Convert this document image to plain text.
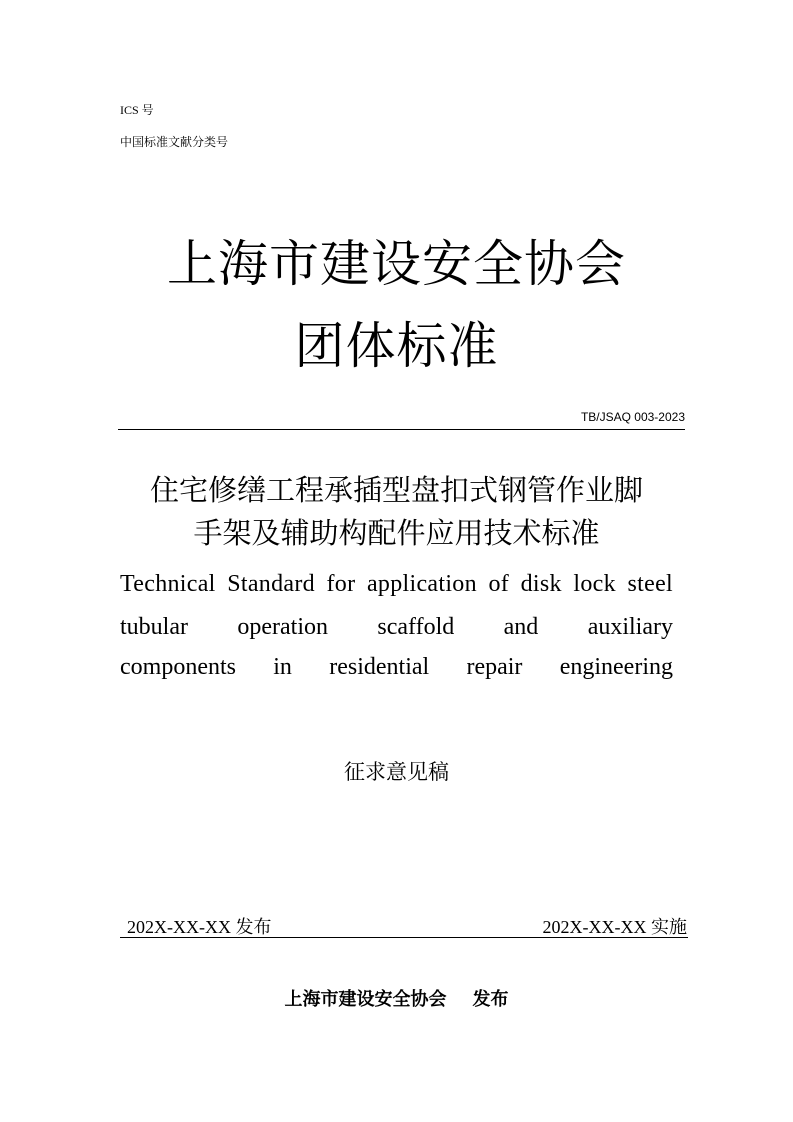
ICS 号
中国标准文献分类号
上海市建设安全协会
团体标准
TB/JSAQ 003-2023
住宅修缮工程承插型盘扣式钢管作业脚
手架及辅助构配件应用技术标准
Technical Standard for application of disk lock steel
tubular operation scaffold and auxiliary
components in residential repair engineering
征求意见稿
202X-XX-XX 发布	202X-XX-XX 实施
上海市建设安全协会 发布
